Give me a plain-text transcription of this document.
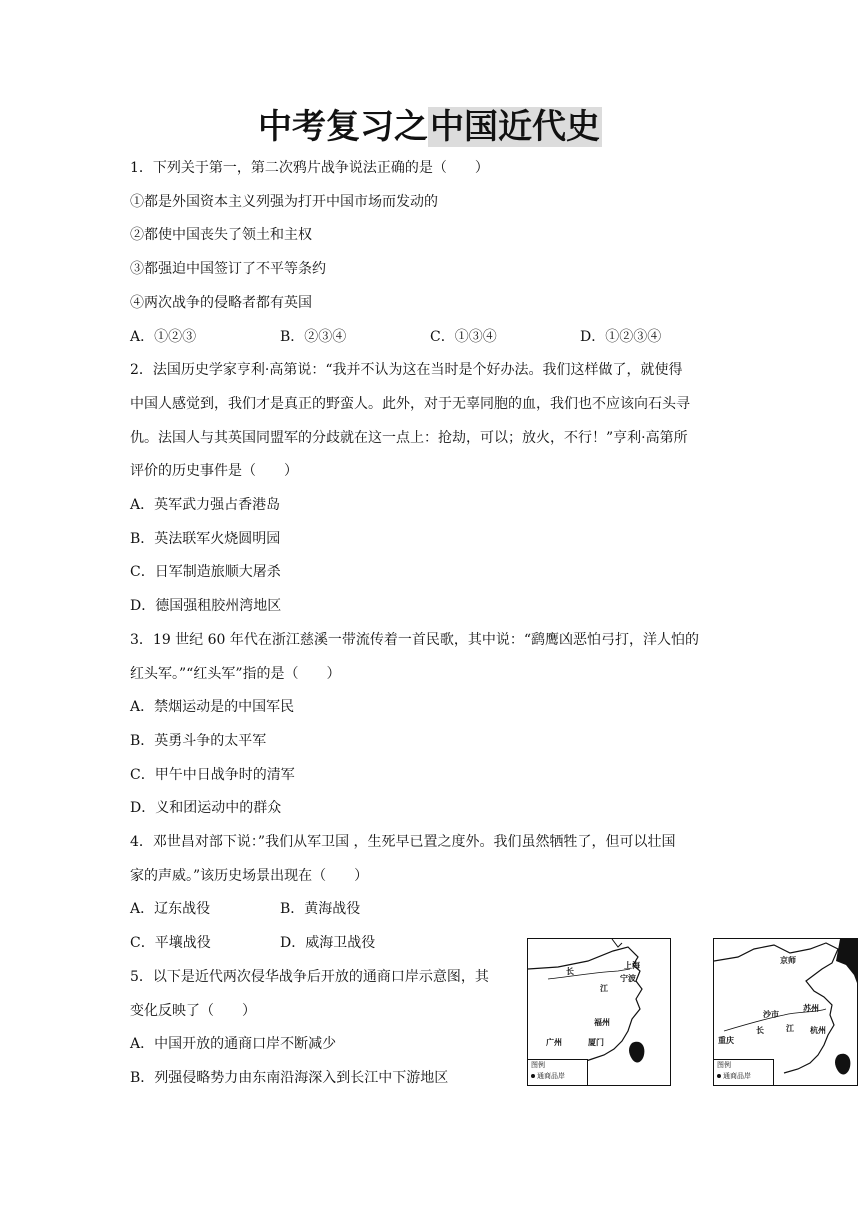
中考复习之中国近代史
1．下列关于第一，第二次鸦片战争说法正确的是（　　）
①都是外国资本主义列强为打开中国市场而发动的
②都使中国丧失了领土和主权
③都强迫中国签订了不平等条约
④两次战争的侵略者都有英国
A．①②③	B．②③④	C．①③④	D．①②③④
2．法国历史学家亨利·高第说：“我并不认为这在当时是个好办法。我们这样做了，就使得
中国人感觉到，我们才是真正的野蛮人。此外，对于无辜同胞的血，我们也不应该向石头寻
仇。法国人与其英国同盟军的分歧就在这一点上：抢劫，可以；放火，不行！”亨利·高第所
评价的历史事件是（　　）
A．英军武力强占香港岛
B．英法联军火烧圆明园
C．日军制造旅顺大屠杀
D．德国强租胶州湾地区
3．19 世纪 60 年代在浙江慈溪一带流传着一首民歌，其中说：“鹞鹰凶恶怕弓打，洋人怕的
红头军。”“红头军”指的是（　　）
A．禁烟运动是的中国军民
B．英勇斗争的太平军
C．甲午中日战争时的清军
D．义和团运动中的群众
4．邓世昌对部下说：”我们从军卫国 ，生死早已置之度外。我们虽然牺牲了，但可以壮国
家的声威。”该历史场景出现在（　　）
A．辽东战役	B．黄海战役
C．平壤战役	D．威海卫战役
5．以下是近代两次侵华战争后开放的通商口岸示意图，其
变化反映了（　　）
A．中国开放的通商口岸不断减少
B．列强侵略势力由东南沿海深入到长江中下游地区
上海
宁波
福州
厦门
广州
长
江
图例
通商品岸
京师
沙市
苏州
杭州
重庆
长	江
图例
通商品岸
